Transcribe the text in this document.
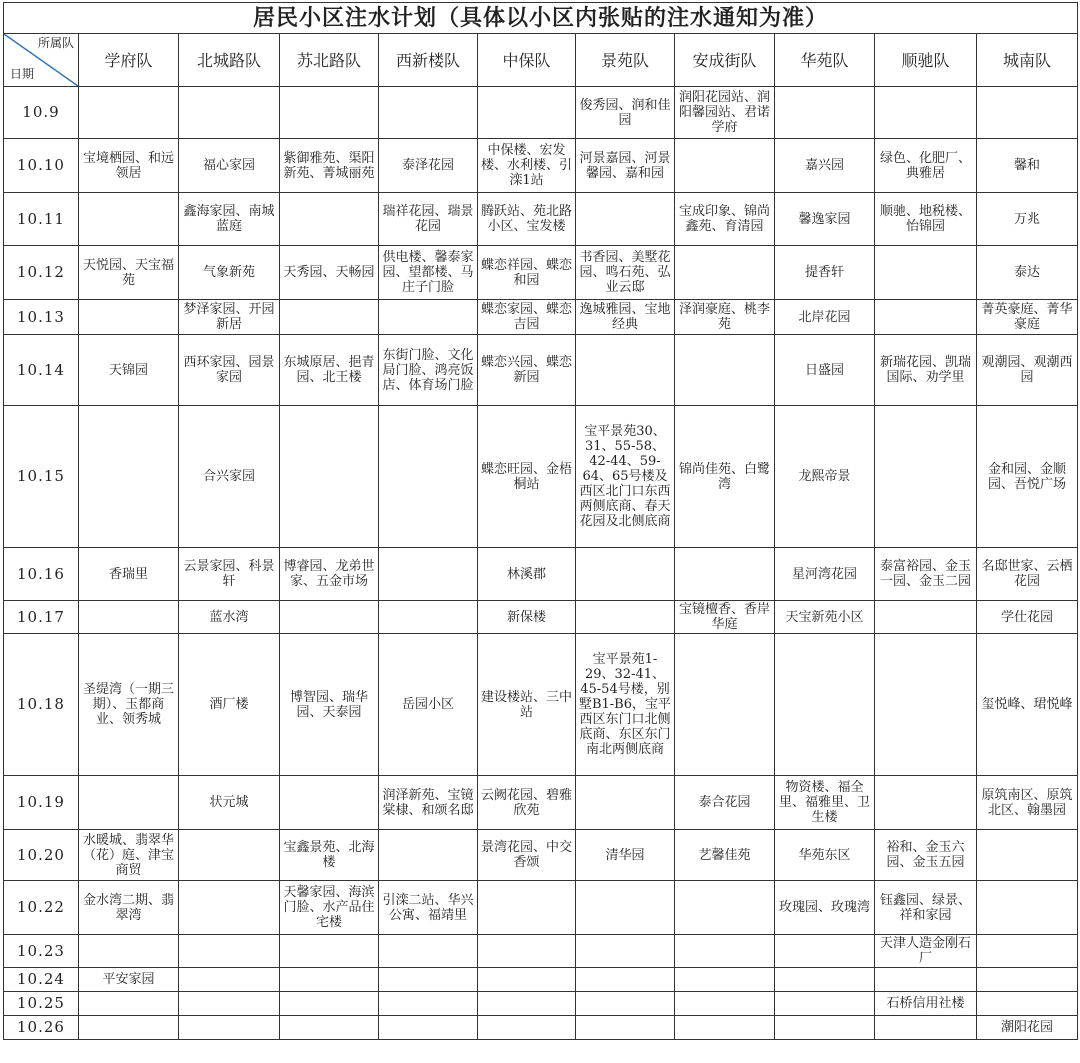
居民小区注水计划（具体以小区内张贴的注水通知为准）										

所属队
日期	学府队	北城路队	苏北路队	西新楼队	中保队	景苑队	安成街队	华苑队	顺驰队	城南队
10.9						俊秀园、润和佳园	润阳花园站、润阳馨园站、君诺学府			
10.10	宝境栖园、和远领居	福心家园	紫御雅苑、渠阳新苑、菁城丽苑	泰泽花园	中保楼、宏发楼、水利楼、引滦1站	河景嘉园、河景馨园、嘉和园		嘉兴园	绿色、化肥厂、典雅居	馨和
10.11		鑫海家园、南城蓝庭		瑞祥花园、瑞景花园	腾跃站、苑北路小区、宝发楼		宝成印象、锦尚鑫苑、育清园	馨逸家园	顺驰、地税楼、怡锦园	万兆
10.12	天悦园、天宝福苑	气象新苑	天秀园、天畅园	供电楼、馨泰家园、望都楼、马庄子门脸	蝶恋祥园、蝶恋和园	书香园、美墅花园、鸣石苑、弘业云邸		提香轩		泰达
10.13		梦泽家园、开园新居			蝶恋家园、蝶恋吉园	逸城雅园、宝地经典	泽润豪庭、桃李苑	北岸花园		菁英豪庭、菁华豪庭
10.14	天锦园	西环家园、园景家园	东城原居、挹青园、北王楼	东街门脸、文化局门脸、鸿亮饭店、体育场门脸	蝶恋兴园、蝶恋新园			日盛园	新瑞花园、凯瑞国际、劝学里	观潮园、观潮西园
10.15		合兴家园			蝶恋旺园、金梧桐站	宝平景苑30、31、55-58、42-44、59-64、65号楼及西区北门口东西两侧底商、春天花园及北侧底商	锦尚佳苑、白鹭湾	龙熙帝景		金和园、金顺园、吾悦广场
10.16	香瑞里	云景家园、科景轩	博睿园、龙弟世家、五金市场		林溪郡			星河湾花园	泰富裕园、金玉一园、金玉二园	名邸世家、云栖花园
10.17		蓝水湾			新保楼		宝镜檀香、香岸华庭	天宝新苑小区		学仕花园
10.18	圣缇湾（一期三期）、玉都商业、领秀城	酒厂楼	博智园、瑞华园、天泰园	岳园小区	建设楼站、三中站	宝平景苑1-29、32-41、45-54号楼，别墅B1-B6，宝平西区东门口北侧底商、东区东门南北两侧底商				玺悦峰、珺悦峰
10.19		状元城		润泽新苑、宝镜棠棣、和颂名邸	云阙花园、碧雅欣苑		泰合花园	物资楼、福全里、福雅里、卫生楼		原筑南区、原筑北区、翰墨园
10.20	水暖城、翡翠华（花）庭、津宝商贸		宝鑫景苑、北海楼		景湾花园、中交香颂	清华园	艺馨佳苑	华苑东区	裕和、金玉六园、金玉五园	
10.22	金水湾二期、翡翠湾		天馨家园、海滨门脸、水产品住宅楼	引滦二站、华兴公寓、福靖里				玫瑰园、玫瑰湾	钰鑫园、绿景、祥和家园	
10.23									天津人造金刚石厂	
10.24	平安家园									
10.25									石桥信用社楼	
10.26										潮阳花园
